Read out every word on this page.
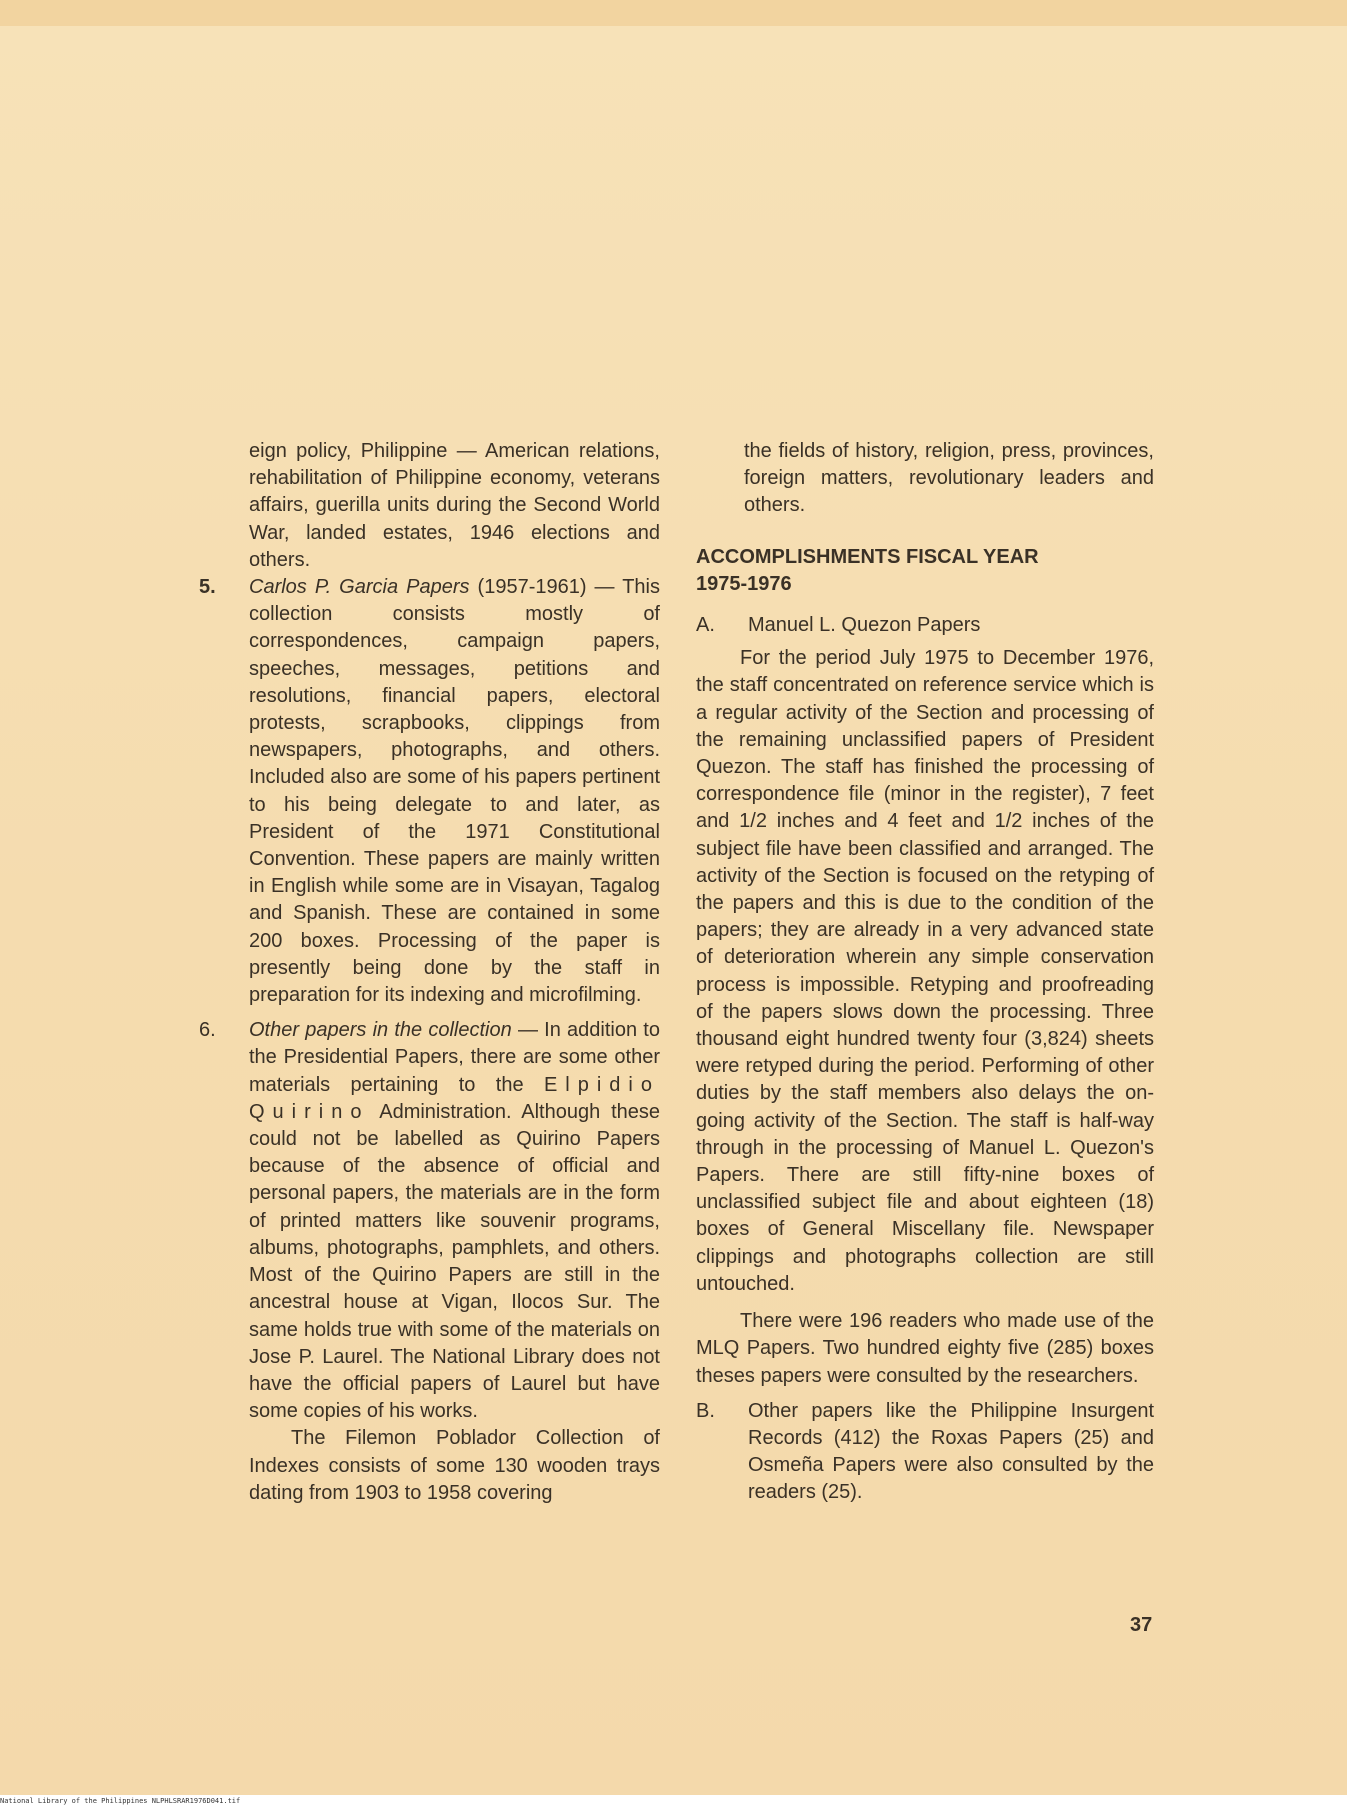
eign policy, Philippine — American relations, rehabilitation of Philippine economy, veterans affairs, guerilla units during the Second World War, landed estates, 1946 elections and others.

5. Carlos P. Garcia Papers (1957-1961) — This collection consists mostly of correspondences, campaign papers, speeches, messages, petitions and resolutions, financial papers, electoral protests, scrapbooks, clippings from newspapers, photographs, and others. Included also are some of his papers pertinent to his being delegate to and later, as President of the 1971 Constitutional Convention. These papers are mainly written in English while some are in Visayan, Tagalog and Spanish. These are contained in some 200 boxes. Processing of the paper is presently being done by the staff in preparation for its indexing and microfilming.

6. Other papers in the collection — In addition to the Presidential Papers, there are some other materials pertaining to the Elpidio Quirino Administration. Although these could not be labelled as Quirino Papers because of the absence of official and personal papers, the materials are in the form of printed matters like souvenir programs, albums, photographs, pamphlets, and others. Most of the Quirino Papers are still in the ancestral house at Vigan, Ilocos Sur. The same holds true with some of the materials on Jose P. Laurel. The National Library does not have the official papers of Laurel but have some copies of his works.

The Filemon Poblador Collection of Indexes consists of some 130 wooden trays dating from 1903 to 1958 covering

the fields of history, religion, press, provinces, foreign matters, revolutionary leaders and others.

ACCOMPLISHMENTS FISCAL YEAR

1975-1976

A. Manuel L. Quezon Papers

For the period July 1975 to December 1976, the staff concentrated on reference service which is a regular activity of the Section and processing of the remaining unclassified papers of President Quezon. The staff has finished the processing of correspondence file (minor in the register), 7 feet and 1/2 inches and 4 feet and 1/2 inches of the subject file have been classified and arranged. The activity of the Section is focused on the retyping of the papers and this is due to the condition of the papers; they are already in a very advanced state of deterioration wherein any simple conservation process is impossible. Retyping and proofreading of the papers slows down the processing. Three thousand eight hundred twenty four (3,824) sheets were retyped during the period. Performing of other duties by the staff members also delays the on-going activity of the Section. The staff is half-way through in the processing of Manuel L. Quezon's Papers. There are still fifty-nine boxes of unclassified subject file and about eighteen (18) boxes of General Miscellany file. Newspaper clippings and photographs collection are still untouched.

There were 196 readers who made use of the MLQ Papers. Two hundred eighty five (285) boxes theses papers were consulted by the researchers.

B. Other papers like the Philippine Insurgent Records (412) the Roxas Papers (25) and Osmeña Papers were also consulted by the readers (25).

37
National Library of the Philippines NLPHLSRAR1976D041.tif
